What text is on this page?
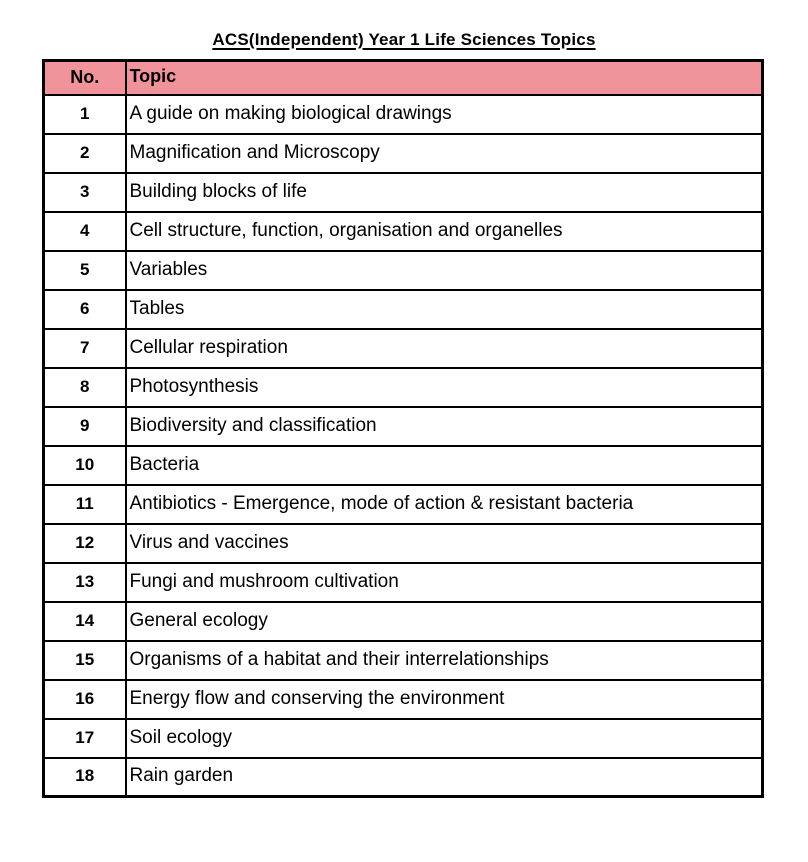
ACS(Independent) Year 1 Life Sciences Topics
No.	Topic
1	A guide on making biological drawings
2	Magnification and Microscopy
3	Building blocks of life
4	Cell structure, function, organisation and organelles
5	Variables
6	Tables
7	Cellular respiration
8	Photosynthesis
9	Biodiversity and classification
10	Bacteria
11	Antibiotics - Emergence, mode of action & resistant bacteria
12	Virus and vaccines
13	Fungi and mushroom cultivation
14	General ecology
15	Organisms of a habitat and their interrelationships
16	Energy flow and conserving the environment
17	Soil ecology
18	Rain garden
